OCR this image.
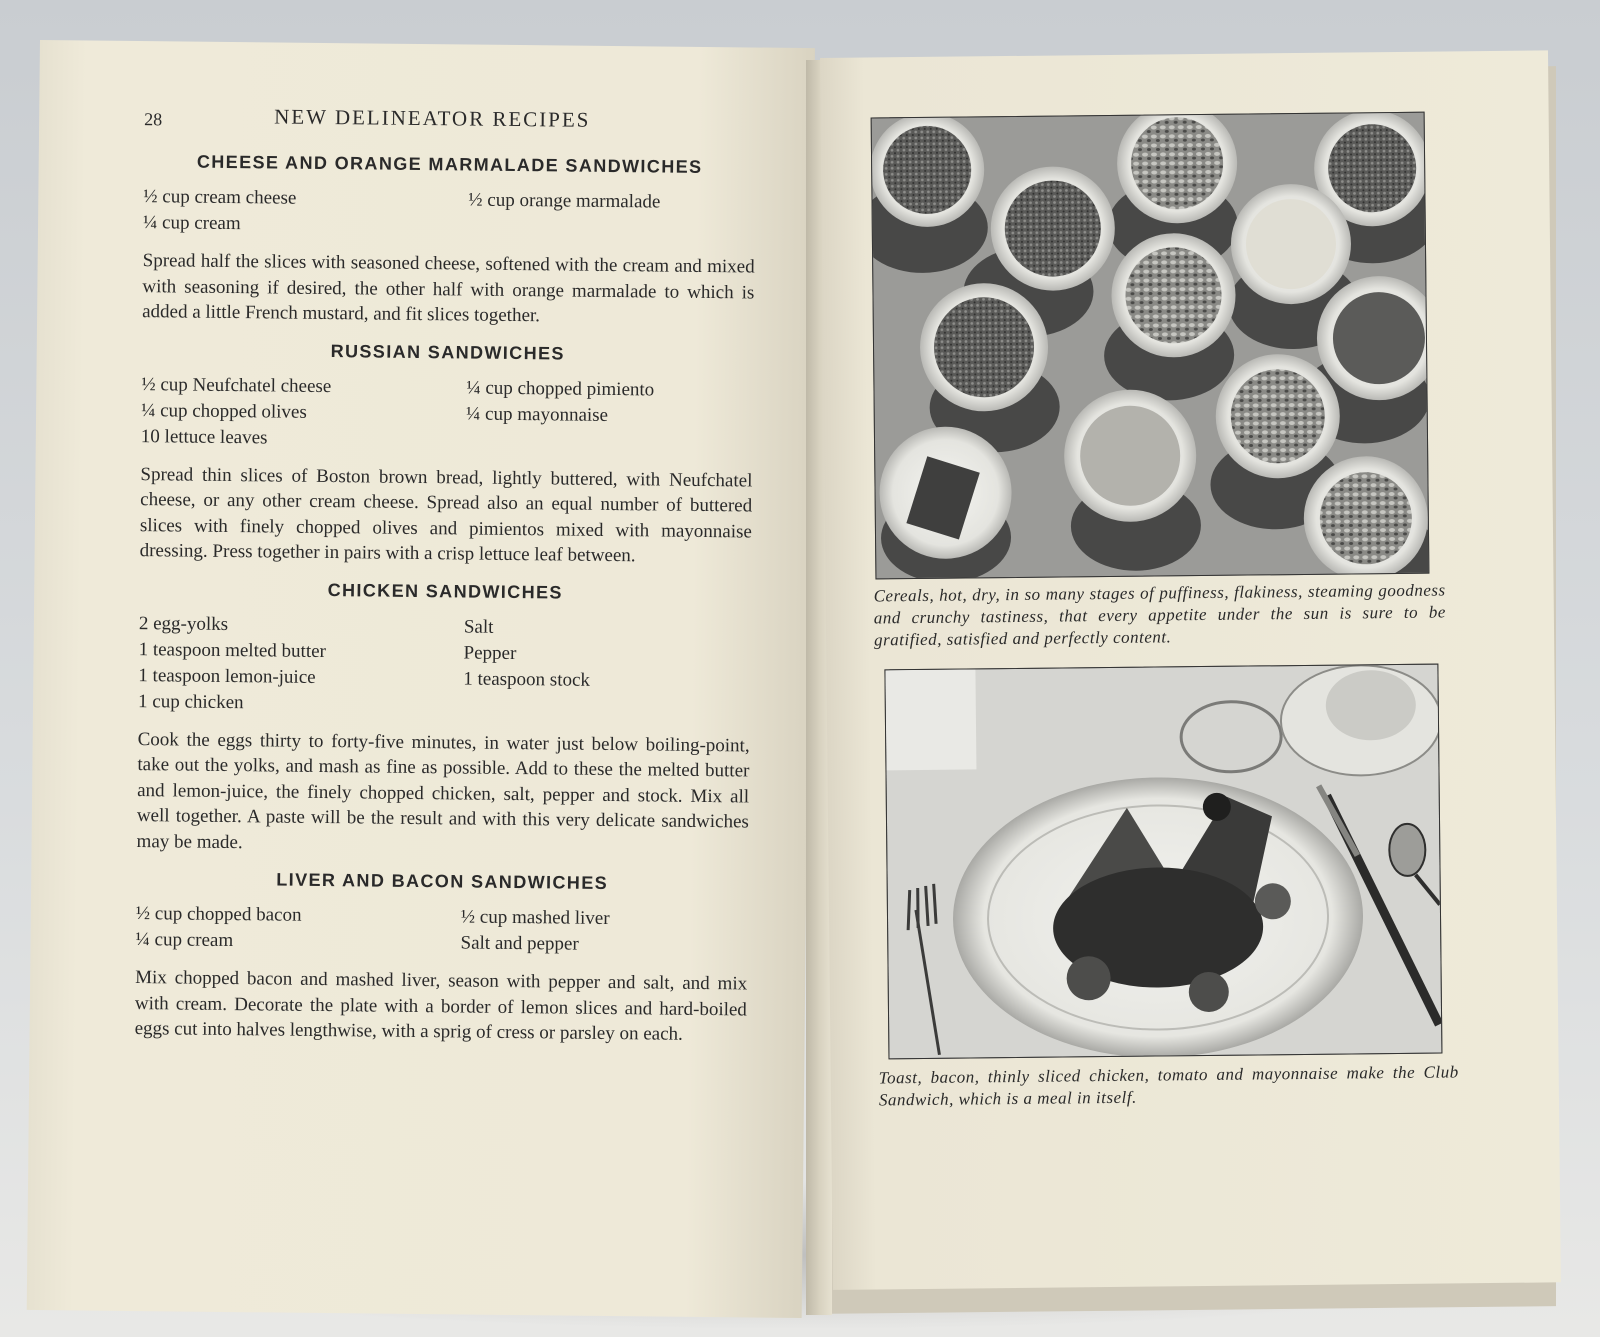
28	NEW DELINEATOR RECIPES
CHEESE AND ORANGE MARMALADE SANDWICHES
½ cup cream cheese
¼ cup cream
½ cup orange marmalade

Spread half the slices with seasoned cheese, softened with the cream and mixed with seasoning if desired, the other half with orange marmalade to which is added a little French mustard, and fit slices together.

RUSSIAN SANDWICHES
½ cup Neufchatel cheese
¼ cup chopped olives
10 lettuce leaves
¼ cup chopped pimiento
¼ cup mayonnaise

Spread thin slices of Boston brown bread, lightly buttered, with Neufchatel cheese, or any other cream cheese. Spread also an equal number of buttered slices with finely chopped olives and pimientos mixed with mayonnaise dressing. Press together in pairs with a crisp lettuce leaf between.

CHICKEN SANDWICHES
2 egg-yolks
1 teaspoon melted butter
1 teaspoon lemon-juice
1 cup chicken
Salt
Pepper
1 teaspoon stock

Cook the eggs thirty to forty-five minutes, in water just below boiling-point, take out the yolks, and mash as fine as possible. Add to these the melted butter and lemon-juice, the finely chopped chicken, salt, pepper and stock. Mix all well together. A paste will be the result and with this very delicate sandwiches may be made.

LIVER AND BACON SANDWICHES
½ cup chopped bacon
¼ cup cream
½ cup mashed liver
Salt and pepper

Mix chopped bacon and mashed liver, season with pepper and salt, and mix with cream. Decorate the plate with a border of lemon slices and hard-boiled eggs cut into halves lengthwise, with a sprig of cress or parsley on each.

Cereals, hot, dry, in so many stages of puffiness, flakiness, steaming goodness and crunchy tastiness, that every appetite under the sun is sure to be gratified, satisfied and perfectly content.
Toast, bacon, thinly sliced chicken, tomato and mayonnaise make the Club Sandwich, which is a meal in itself.
